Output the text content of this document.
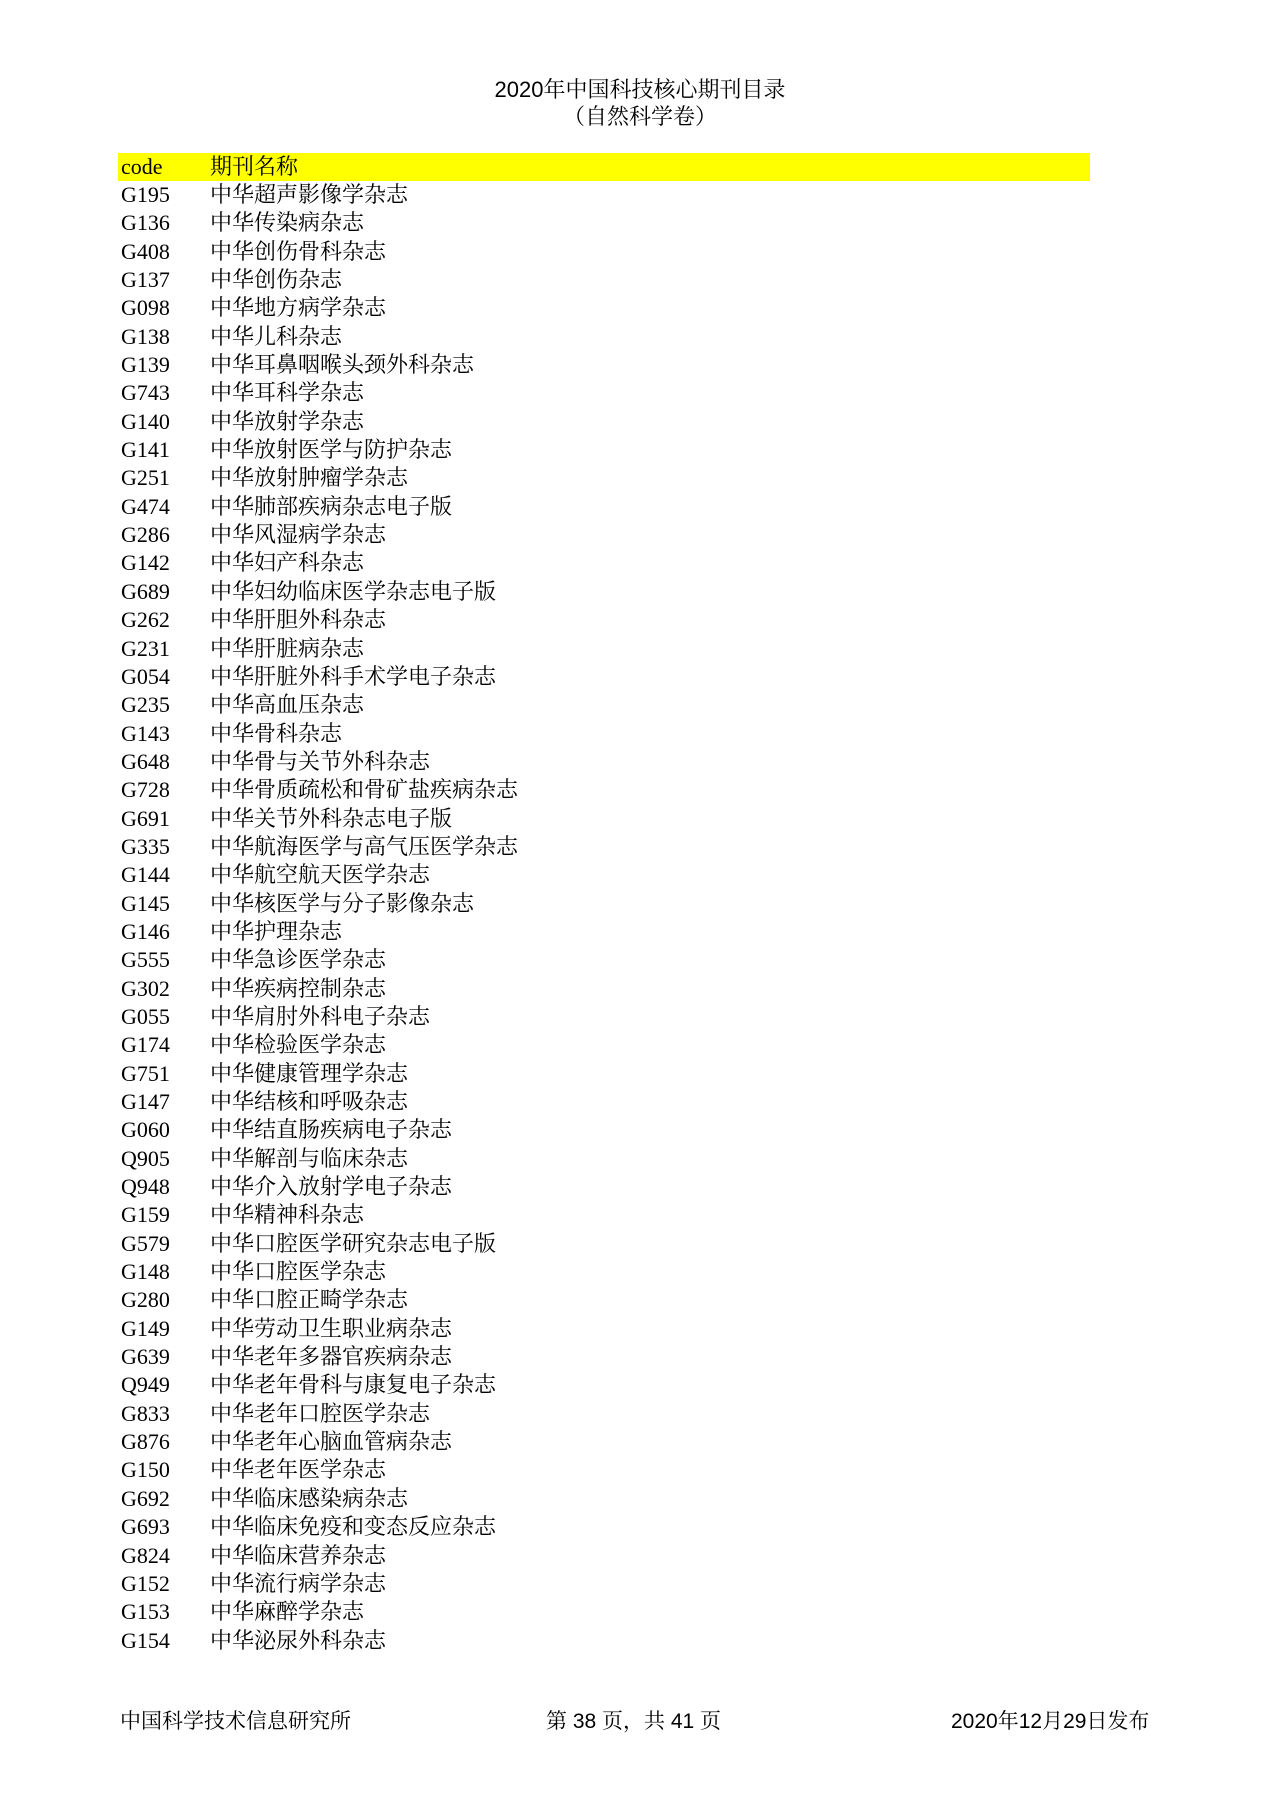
2020年中国科技核心期刊目录
（自然科学卷）
code	期刊名称
G195	中华超声影像学杂志
G136	中华传染病杂志
G408	中华创伤骨科杂志
G137	中华创伤杂志
G098	中华地方病学杂志
G138	中华儿科杂志
G139	中华耳鼻咽喉头颈外科杂志
G743	中华耳科学杂志
G140	中华放射学杂志
G141	中华放射医学与防护杂志
G251	中华放射肿瘤学杂志
G474	中华肺部疾病杂志电子版
G286	中华风湿病学杂志
G142	中华妇产科杂志
G689	中华妇幼临床医学杂志电子版
G262	中华肝胆外科杂志
G231	中华肝脏病杂志
G054	中华肝脏外科手术学电子杂志
G235	中华高血压杂志
G143	中华骨科杂志
G648	中华骨与关节外科杂志
G728	中华骨质疏松和骨矿盐疾病杂志
G691	中华关节外科杂志电子版
G335	中华航海医学与高气压医学杂志
G144	中华航空航天医学杂志
G145	中华核医学与分子影像杂志
G146	中华护理杂志
G555	中华急诊医学杂志
G302	中华疾病控制杂志
G055	中华肩肘外科电子杂志
G174	中华检验医学杂志
G751	中华健康管理学杂志
G147	中华结核和呼吸杂志
G060	中华结直肠疾病电子杂志
Q905	中华解剖与临床杂志
Q948	中华介入放射学电子杂志
G159	中华精神科杂志
G579	中华口腔医学研究杂志电子版
G148	中华口腔医学杂志
G280	中华口腔正畸学杂志
G149	中华劳动卫生职业病杂志
G639	中华老年多器官疾病杂志
Q949	中华老年骨科与康复电子杂志
G833	中华老年口腔医学杂志
G876	中华老年心脑血管病杂志
G150	中华老年医学杂志
G692	中华临床感染病杂志
G693	中华临床免疫和变态反应杂志
G824	中华临床营养杂志
G152	中华流行病学杂志
G153	中华麻醉学杂志
G154	中华泌尿外科杂志
中国科学技术信息研究所	第 38 页，共 41 页	2020年12月29日发布
